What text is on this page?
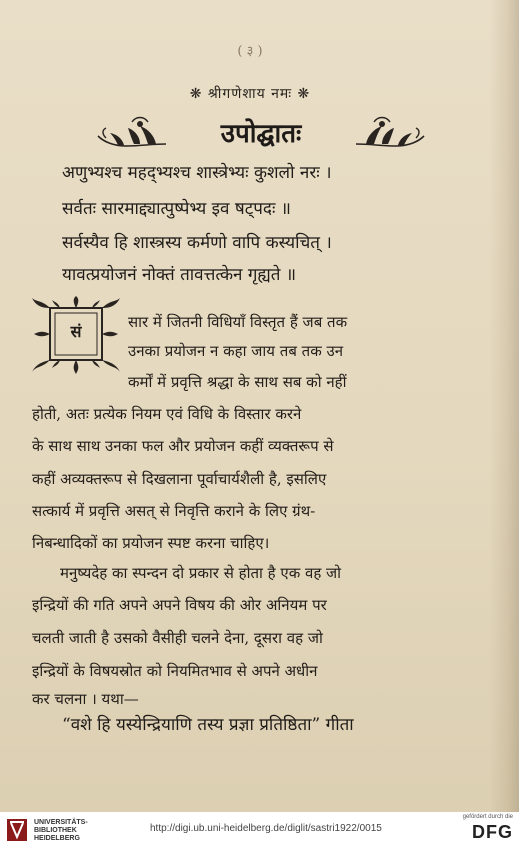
( ३ )
❋ श्रीगणेशाय नमः ❋
उपोद्घातः
अणुभ्यश्च महद्भ्यश्च शास्त्रेभ्यः कुशलो नरः ।
सर्वतः सारमाद्द्यात्पुष्पेभ्य इव षट्पदः ॥
सर्वस्यैव हि शास्त्रस्य कर्मणो वापि कस्यचित् ।
यावत्प्रयोजनं नोक्तं तावत्तत्केन गृह्यते ॥
सं	सार में जितनी विधियाँ विस्तृत हैं जब तक
उनका प्रयोजन न कहा जाय तब तक उन
कर्मों में प्रवृत्ति श्रद्धा के साथ सब को नहीं
होती, अतः प्रत्येक नियम एवं विधि के विस्तार करने
के साथ साथ उनका फल और प्रयोजन कहीं व्यक्तरूप से
कहीं अव्यक्तरूप से दिखलाना पूर्वाचार्यशैली है, इसलिए
सत्कार्य में प्रवृत्ति असत् से निवृत्ति कराने के लिए ग्रंथ-
निबन्धादिकों का प्रयोजन स्पष्ट करना चाहिए।
मनुष्यदेह का स्पन्दन दो प्रकार से होता है एक वह जो
इन्द्रियों की गति अपने अपने विषय की ओर अनियम पर
चलती जाती है उसको वैसीही चलने देना, दूसरा वह जो
इन्द्रियों के विषयस्रोत को नियमितभाव से अपने अधीन
कर चलना । यथा—
“वशे हि यस्येन्द्रियाणि तस्य प्रज्ञा प्रतिष्ठिता” गीता
UNIVERSITÄTS-
BIBLIOTHEK
HEIDELBERG
http://digi.ub.uni-heidelberg.de/diglit/sastri1922/0015
gefördert durch die
DFG
